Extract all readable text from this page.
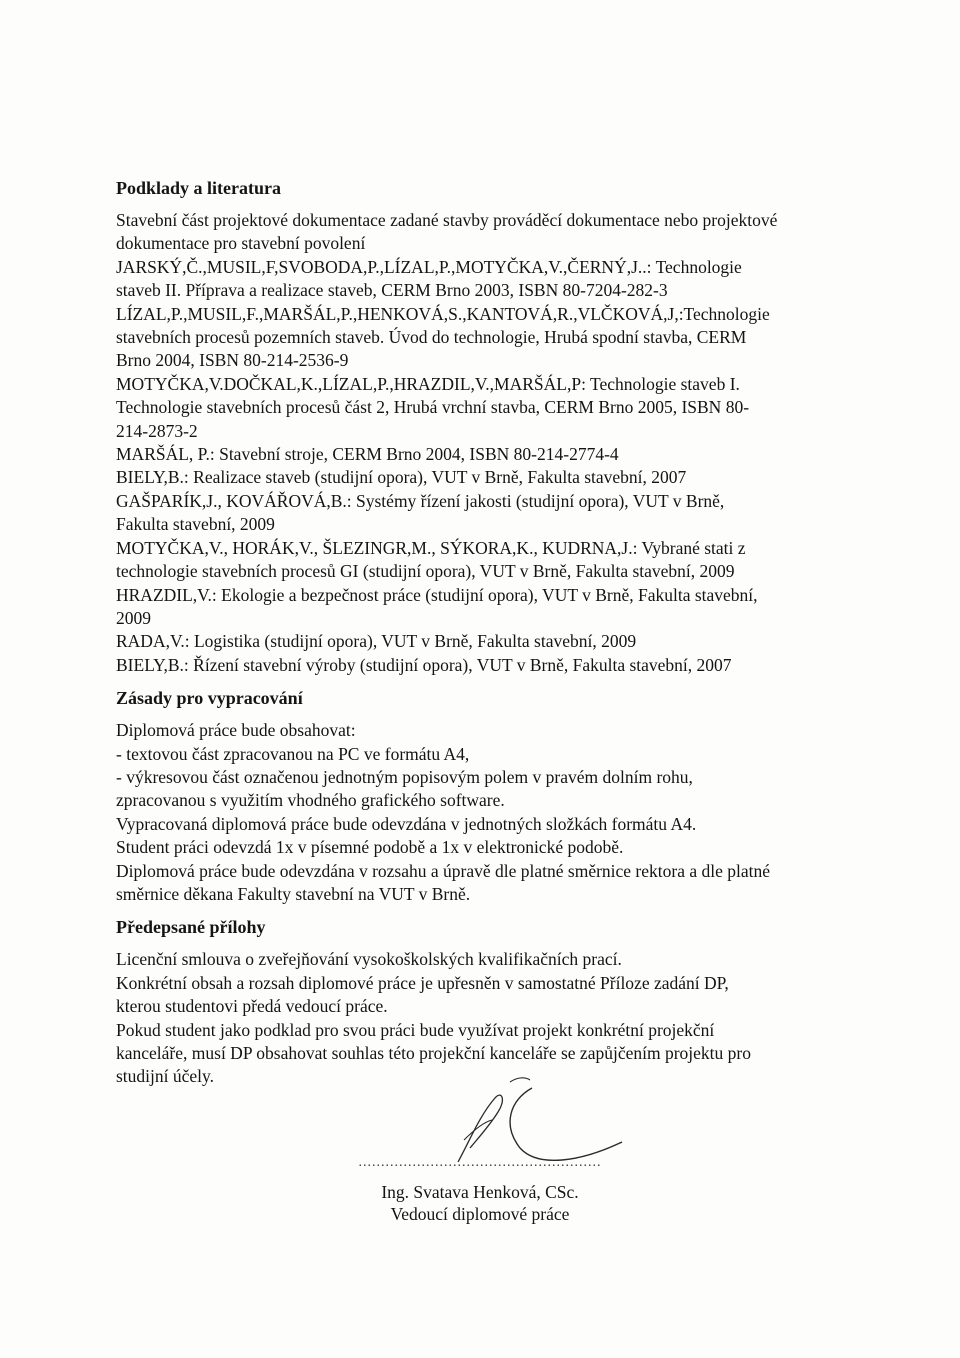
Podklady a literatura
Stavební část projektové dokumentace zadané stavby prováděcí dokumentace nebo projektové
dokumentace pro stavební povolení
JARSKÝ,Č.,MUSIL,F,SVOBODA,P.,LÍZAL,P.,MOTYČKA,V.,ČERNÝ,J..: Technologie
staveb II. Příprava a realizace staveb, CERM Brno 2003, ISBN 80-7204-282-3
LÍZAL,P.,MUSIL,F.,MARŠÁL,P.,HENKOVÁ,S.,KANTOVÁ,R.,VLČKOVÁ,J,:Technologie
stavebních procesů pozemních staveb. Úvod do technologie, Hrubá spodní stavba, CERM
Brno 2004, ISBN 80-214-2536-9
MOTYČKA,V.DOČKAL,K.,LÍZAL,P.,HRAZDIL,V.,MARŠÁL,P: Technologie staveb I.
Technologie stavebních procesů část 2, Hrubá vrchní stavba, CERM Brno 2005, ISBN 80-
214-2873-2
MARŠÁL, P.: Stavební stroje, CERM Brno 2004, ISBN 80-214-2774-4
BIELY,B.: Realizace staveb (studijní opora), VUT v Brně, Fakulta stavební, 2007
GAŠPARÍK,J., KOVÁŘOVÁ,B.: Systémy řízení jakosti (studijní opora), VUT v Brně,
Fakulta stavební, 2009
MOTYČKA,V., HORÁK,V., ŠLEZINGR,M., SÝKORA,K., KUDRNA,J.: Vybrané stati z
technologie stavebních procesů GI (studijní opora), VUT v Brně, Fakulta stavební, 2009
HRAZDIL,V.: Ekologie a bezpečnost práce (studijní opora), VUT v Brně, Fakulta stavební,
2009
RADA,V.: Logistika (studijní opora), VUT v Brně, Fakulta stavební, 2009
BIELY,B.: Řízení stavební výroby (studijní opora), VUT v Brně, Fakulta stavební, 2007
Zásady pro vypracování
Diplomová práce bude obsahovat:
- textovou část zpracovanou na PC ve formátu A4,
- výkresovou část označenou jednotným popisovým polem v pravém dolním rohu,
zpracovanou s využitím vhodného grafického software.
Vypracovaná diplomová práce bude odevzdána v jednotných složkách formátu A4.
Student práci odevzdá 1x v písemné podobě a 1x v elektronické podobě.
Diplomová práce bude odevzdána v rozsahu a úpravě dle platné směrnice rektora a dle platné
směrnice děkana Fakulty stavební na VUT v Brně.
Předepsané přílohy
Licenční smlouva o zveřejňování vysokoškolských kvalifikačních prací.
Konkrétní obsah a rozsah diplomové práce je upřesněn v samostatné Příloze zadání DP,
kterou studentovi předá vedoucí práce.
Pokud student jako podklad pro svou práci bude využívat projekt konkrétní projekční
kanceláře, musí DP obsahovat souhlas této projekční kanceláře se zapůjčením projektu pro
studijní účely.
......................................................
Ing. Svatava Henková, CSc.
Vedoucí diplomové práce
